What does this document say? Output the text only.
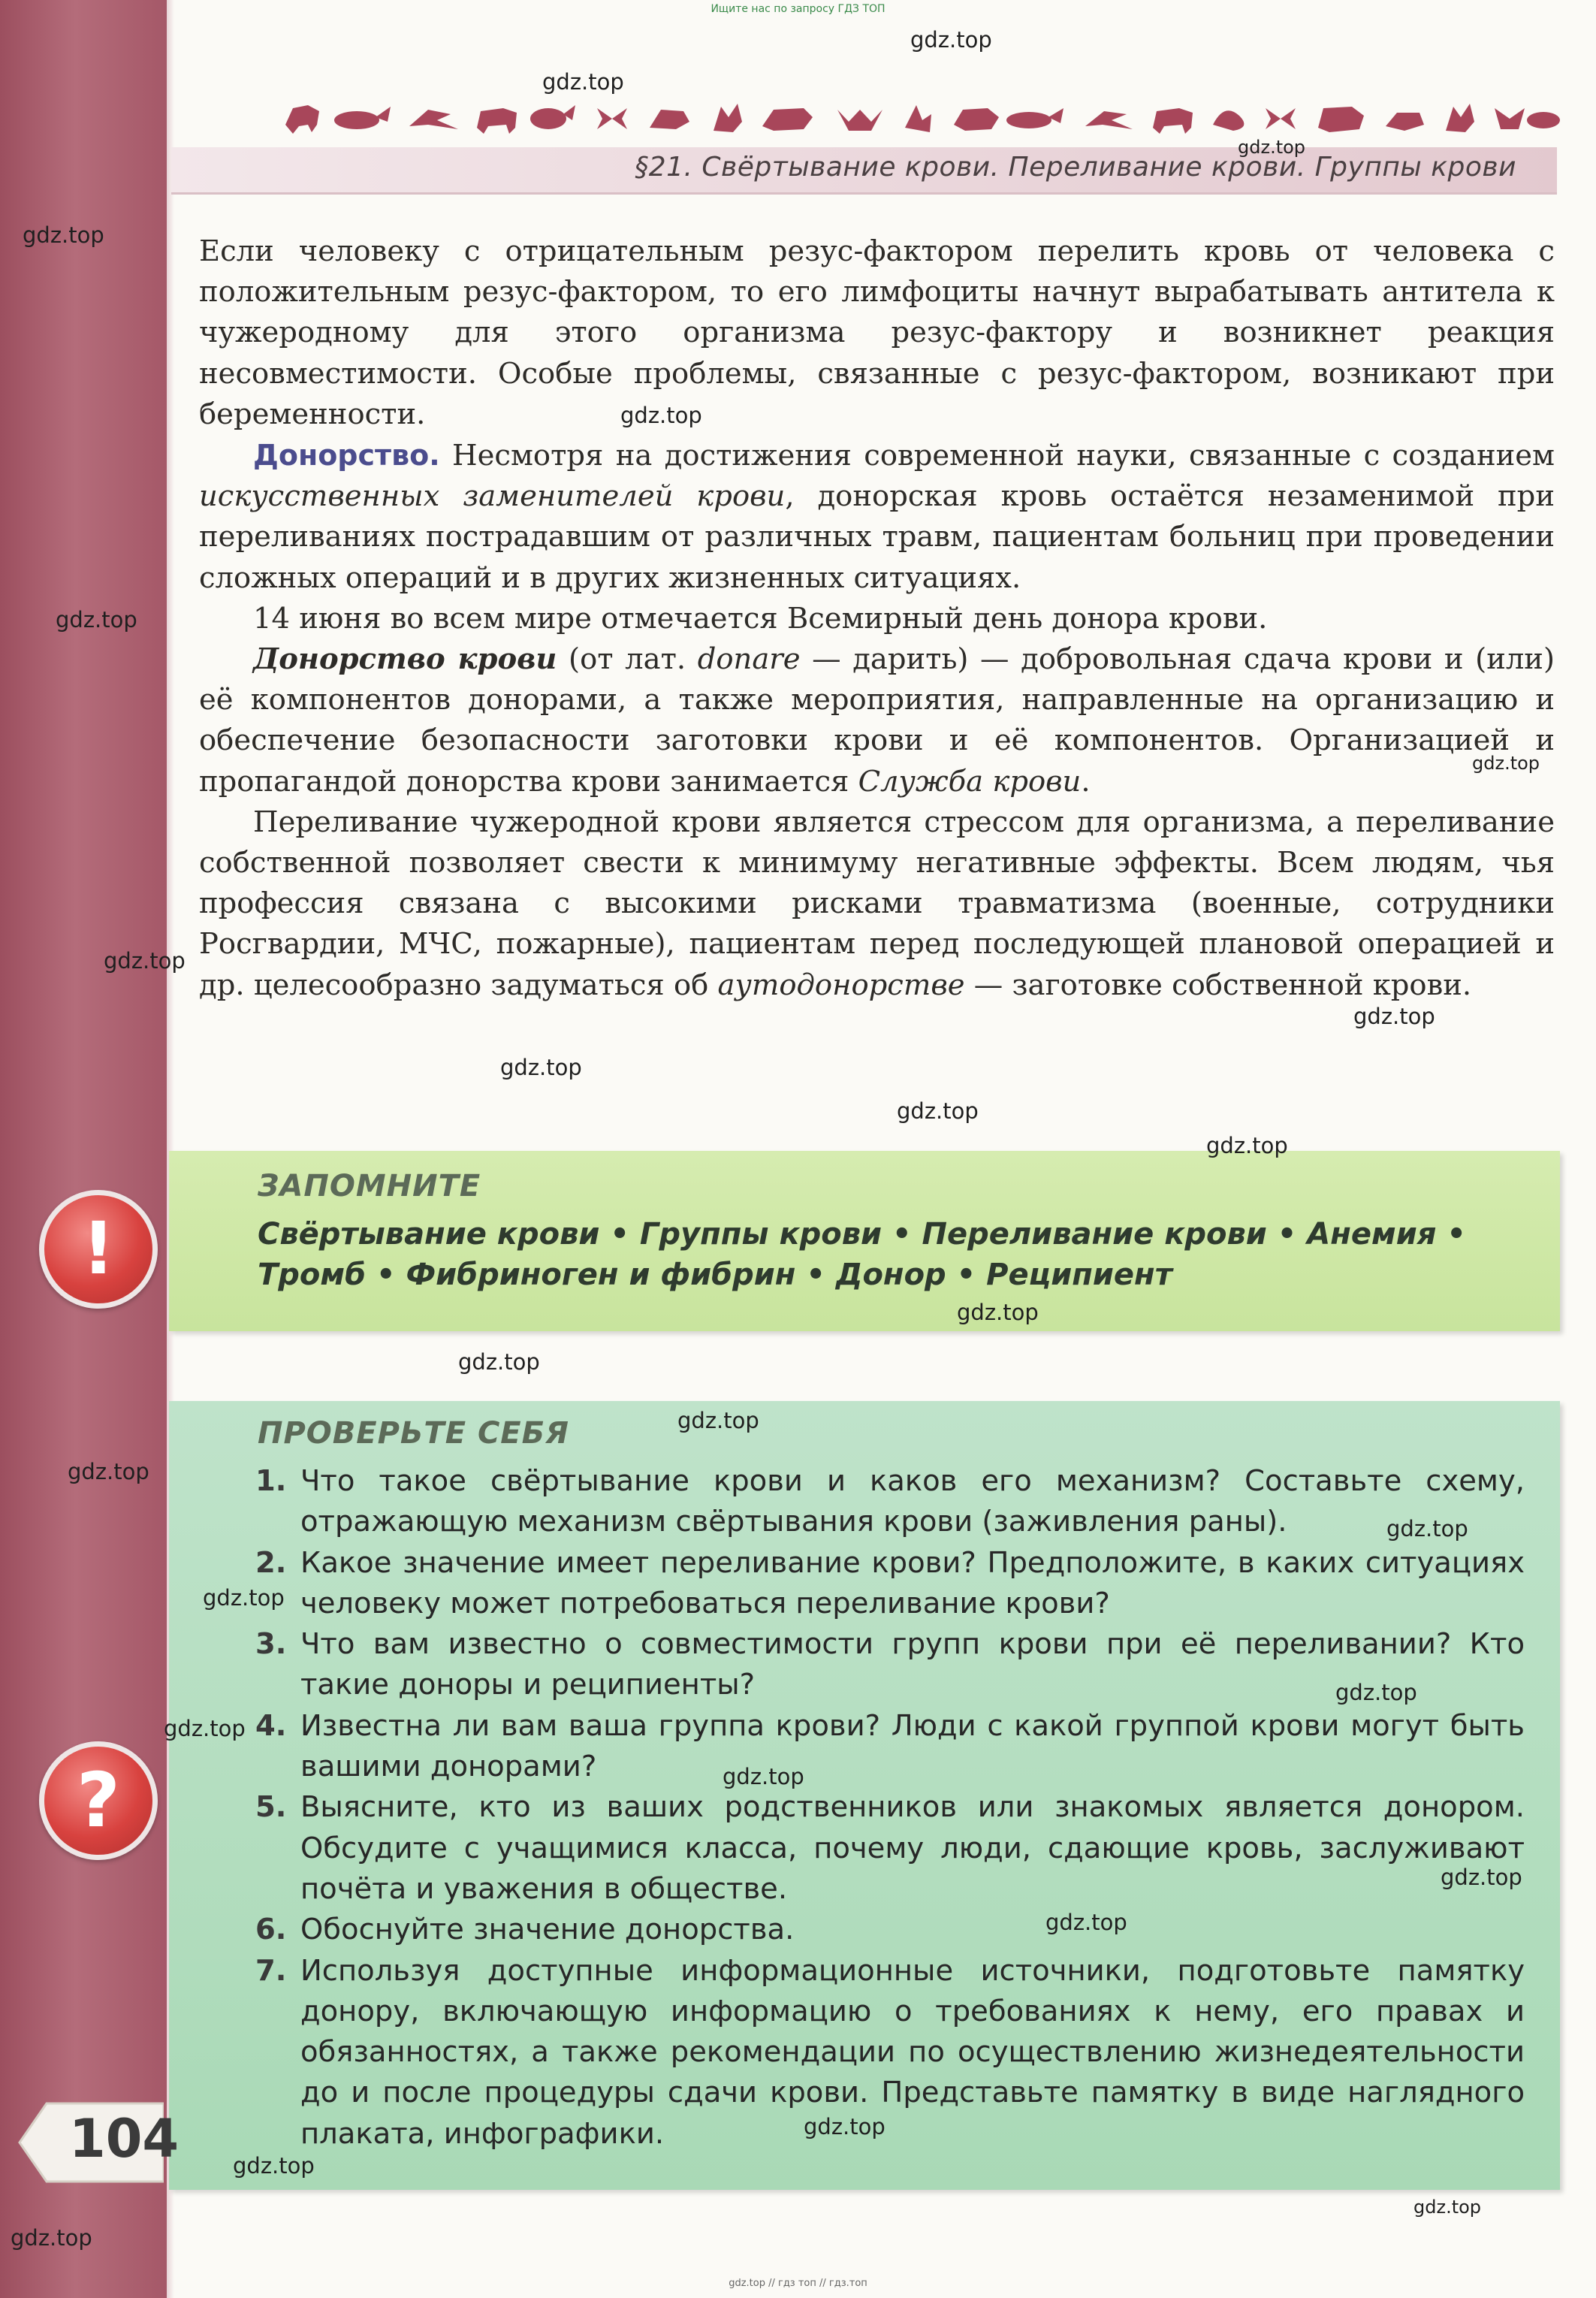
Ищите нас по запросу ГДЗ ТОП
§21. Свёртывание крови. Переливание крови. Группы крови

Если человеку с отрицательным резус-фактором перелить кровь от человека с положительным резус-фактором, то его лимфоциты начнут вырабатывать антитела к чужеродному для этого организма резус-фактору и возникнет реакция несовместимости. Особые проблемы, связанные с резус-фактором, возникают при беременности.

Донорство. Несмотря на достижения современной науки, связанные с созданием искусственных заменителей крови, донорская кровь остаётся незаменимой при переливаниях пострадавшим от различных травм, пациентам больниц при проведении сложных операций и в других жизненных ситуациях.

14 июня во всем мире отмечается Всемирный день донора крови.

Донорство крови (от лат. donare — дарить) — добровольная сдача крови и (или) её компонентов донорами, а также мероприятия, направленные на организацию и обеспечение безопасности заготовки крови и её компонентов. Организацией и пропагандой донорства крови занимается Служба крови.

Переливание чужеродной крови является стрессом для организма, а переливание собственной позволяет свести к минимуму негативные эффекты. Всем людям, чья профессия связана с высокими рисками травматизма (военные, сотрудники Росгвардии, МЧС, пожарные), пациентам перед последующей плановой операцией и др. целесообразно задуматься об аутодонорстве — заготовке собственной крови.

!
ЗАПОМНИТЕ
Свёртывание крови • Группы крови • Переливание крови • Анемия •
Тромб • Фибриноген и фибрин • Донор • Реципиент
?
ПРОВЕРЬТЕ СЕБЯ
1. Что такое свёртывание крови и каков его механизм? Составьте схему, отражающую механизм свёртывания крови (заживления раны).
2. Какое значение имеет переливание крови? Предположите, в каких ситуациях человеку может потребоваться переливание крови?
3. Что вам известно о совместимости групп крови при её переливании? Кто такие доноры и реципиенты?
4. Известна ли вам ваша группа крови? Люди с какой группой крови могут быть вашими донорами?
5. Выясните, кто из ваших родственников или знакомых является донором. Обсудите с учащимися класса, почему люди, сдающие кровь, заслуживают почёта и уважения в обществе.
6. Обоснуйте значение донорства.
7. Используя доступные информационные источники, подготовьте памятку донору, включающую информацию о требованиях к нему, его правах и обязанностях, а также рекомендации по осуществлению жизнедеятельности до и после процедуры сдачи крови. Представьте памятку в виде наглядного плаката, инфографики.
104
gdz.top
gdz.top
gdz.top
gdz.top
gdz.top
gdz.top
gdz.top
gdz.top
gdz.top
gdz.top
gdz.top
gdz.top
gdz.top
gdz.top
gdz.top
gdz.top
gdz.top
gdz.top
gdz.top
gdz.top
gdz.top
gdz.top
gdz.top
gdz.top
gdz.top
gdz.top
gdz.top
gdz.top // гдз топ // гдз.топ
